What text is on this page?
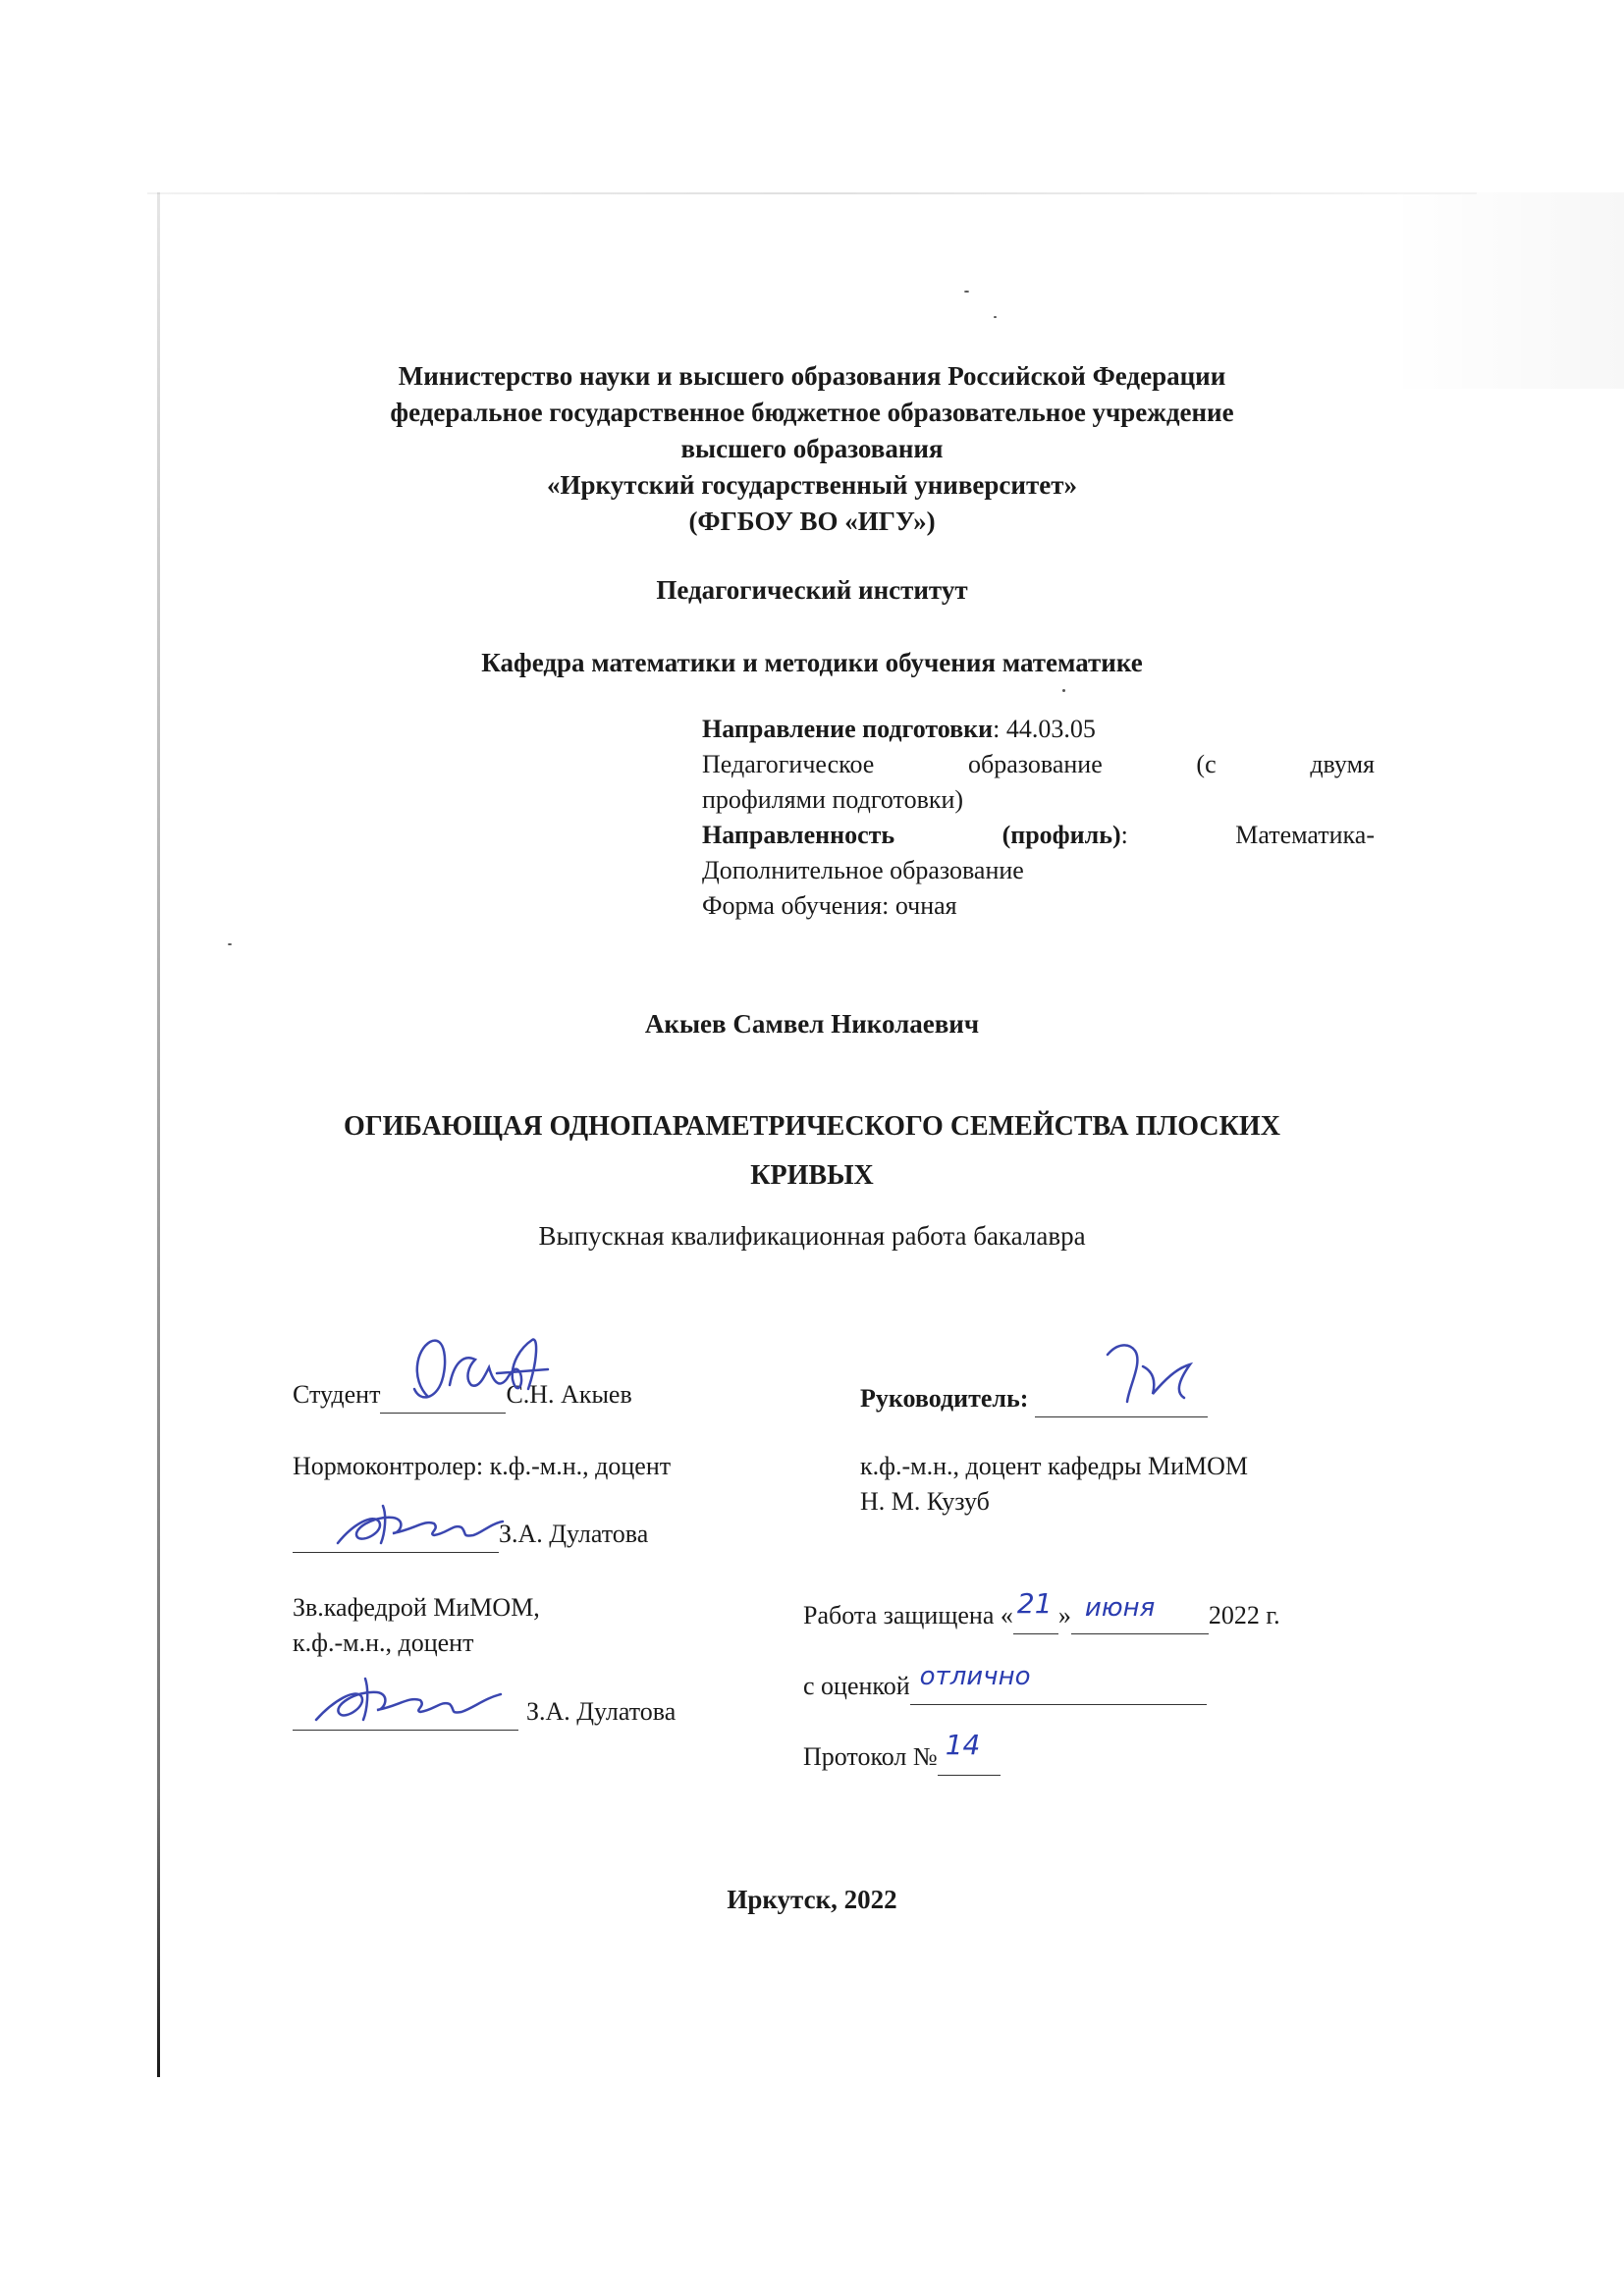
Министерство науки и высшего образования Российской Федерации
федеральное государственное бюджетное образовательное учреждение
высшего образования
«Иркутский государственный университет»
(ФГБОУ ВО «ИГУ»)
Педагогический институт
Кафедра математики и методики обучения математике
Направление подготовки: 44.03.05
Педагогическое	образование	(с	двумя
профилями подготовки)
Направленность	(профиль):	Математика-
Дополнительное образование
Форма обучения: очная
Акыев Самвел Николаевич
ОГИБАЮЩАЯ ОДНОПАРАМЕТРИЧЕСКОГО СЕМЕЙСТВА ПЛОСКИХ
КРИВЫХ
Выпускная квалификационная работа бакалавра
Студент	С.Н. Акыев
Нормоконтролер: к.ф.-м.н., доцент
З.А. Дулатова
Зв.кафедрой МиМОМ,
к.ф.-м.н., доцент
З.А. Дулатова
Руководитель:
к.ф.-м.н., доцент кафедры МиМОМ
Н. М. Кузуб
Работа защищена « 21 » июня 2022 г.
с оценкой отлично

Протокол № 14

Иркутск, 2022
